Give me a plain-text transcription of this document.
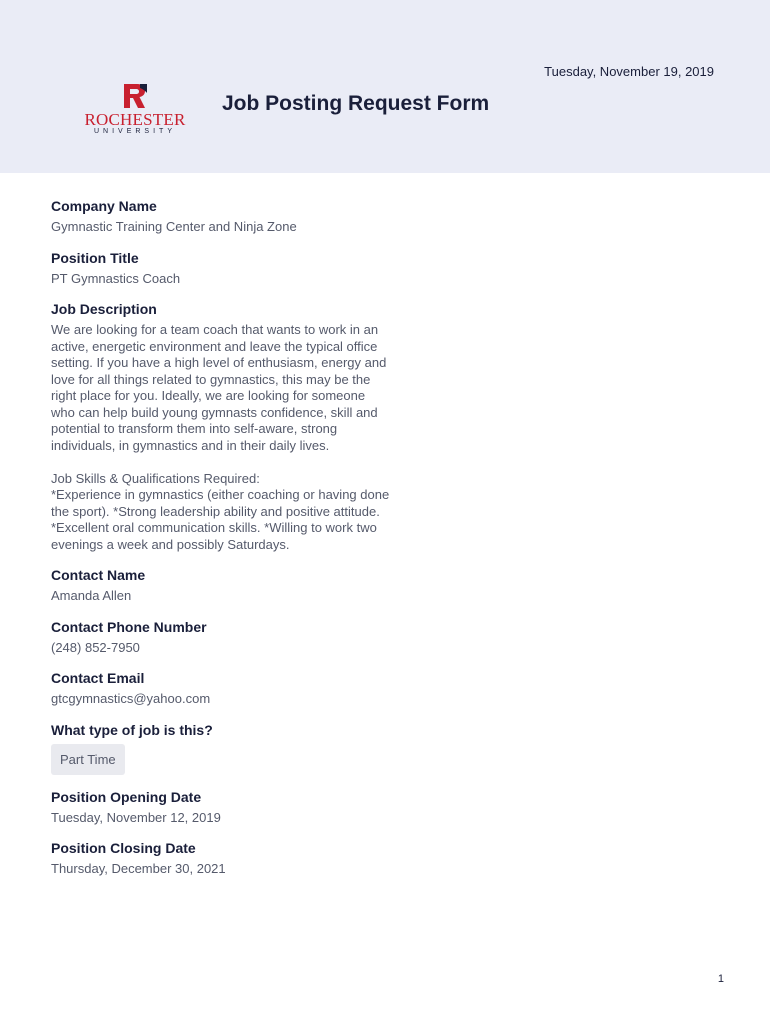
Tuesday, November 19, 2019
ROCHESTER
UNIVERSITY
Job Posting Request Form
Company Name
Gymnastic Training Center and Ninja Zone
Position Title
PT Gymnastics Coach
Job Description
We are looking for a team coach that wants to work in an active, energetic environment and leave the typical office setting. If you have a high level of enthusiasm, energy and love for all things related to gymnastics, this may be the right place for you. Ideally, we are looking for someone who can help build young gymnasts confidence, skill and potential to transform them into self-aware, strong individuals, in gymnastics and in their daily lives.

Job Skills & Qualifications Required:
*Experience in gymnastics (either coaching or having done the sport). *Strong leadership ability and positive attitude. *Excellent oral communication skills. *Willing to work two evenings a week and possibly Saturdays.
Contact Name
Amanda Allen
Contact Phone Number
(248) 852-7950
Contact Email
gtcgymnastics@yahoo.com
What type of job is this?
Part Time
Position Opening Date
Tuesday, November 12, 2019
Position Closing Date
Thursday, December 30, 2021
1
